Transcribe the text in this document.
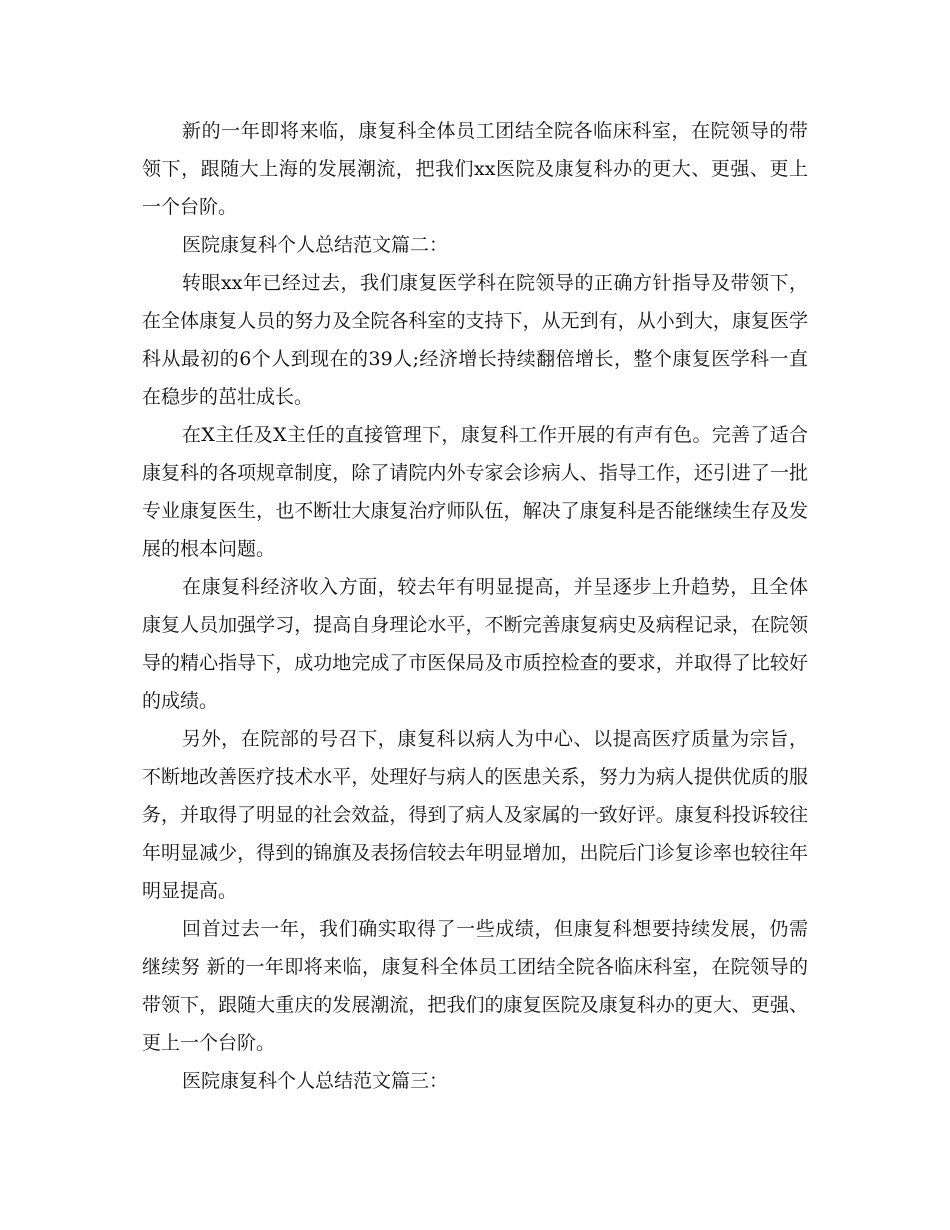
新的一年即将来临，康复科全体员工团结全院各临床科室，在院领导的带领下，跟随大上海的发展潮流，把我们xx医院及康复科办的更大、更强、更上一个台阶。

医院康复科个人总结范文篇二：

转眼xx年已经过去，我们康复医学科在院领导的正确方针指导及带领下，在全体康复人员的努力及全院各科室的支持下，从无到有，从小到大，康复医学科从最初的6个人到现在的39人;经济增长持续翻倍增长，整个康复医学科一直在稳步的茁壮成长。

在X主任及X主任的直接管理下，康复科工作开展的有声有色。完善了适合康复科的各项规章制度，除了请院内外专家会诊病人、指导工作，还引进了一批专业康复医生，也不断壮大康复治疗师队伍，解决了康复科是否能继续生存及发展的根本问题。

在康复科经济收入方面，较去年有明显提高，并呈逐步上升趋势，且全体康复人员加强学习，提高自身理论水平，不断完善康复病史及病程记录，在院领导的精心指导下，成功地完成了市医保局及市质控检查的要求，并取得了比较好的成绩。

另外，在院部的号召下，康复科以病人为中心、以提高医疗质量为宗旨，不断地改善医疗技术水平，处理好与病人的医患关系，努力为病人提供优质的服务，并取得了明显的社会效益，得到了病人及家属的一致好评。康复科投诉较往年明显减少，得到的锦旗及表扬信较去年明显增加，出院后门诊复诊率也较往年明显提高。

回首过去一年，我们确实取得了一些成绩，但康复科想要持续发展，仍需继续努 新的一年即将来临，康复科全体员工团结全院各临床科室，在院领导的带领下，跟随大重庆的发展潮流，把我们的康复医院及康复科办的更大、更强、更上一个台阶。

医院康复科个人总结范文篇三：
